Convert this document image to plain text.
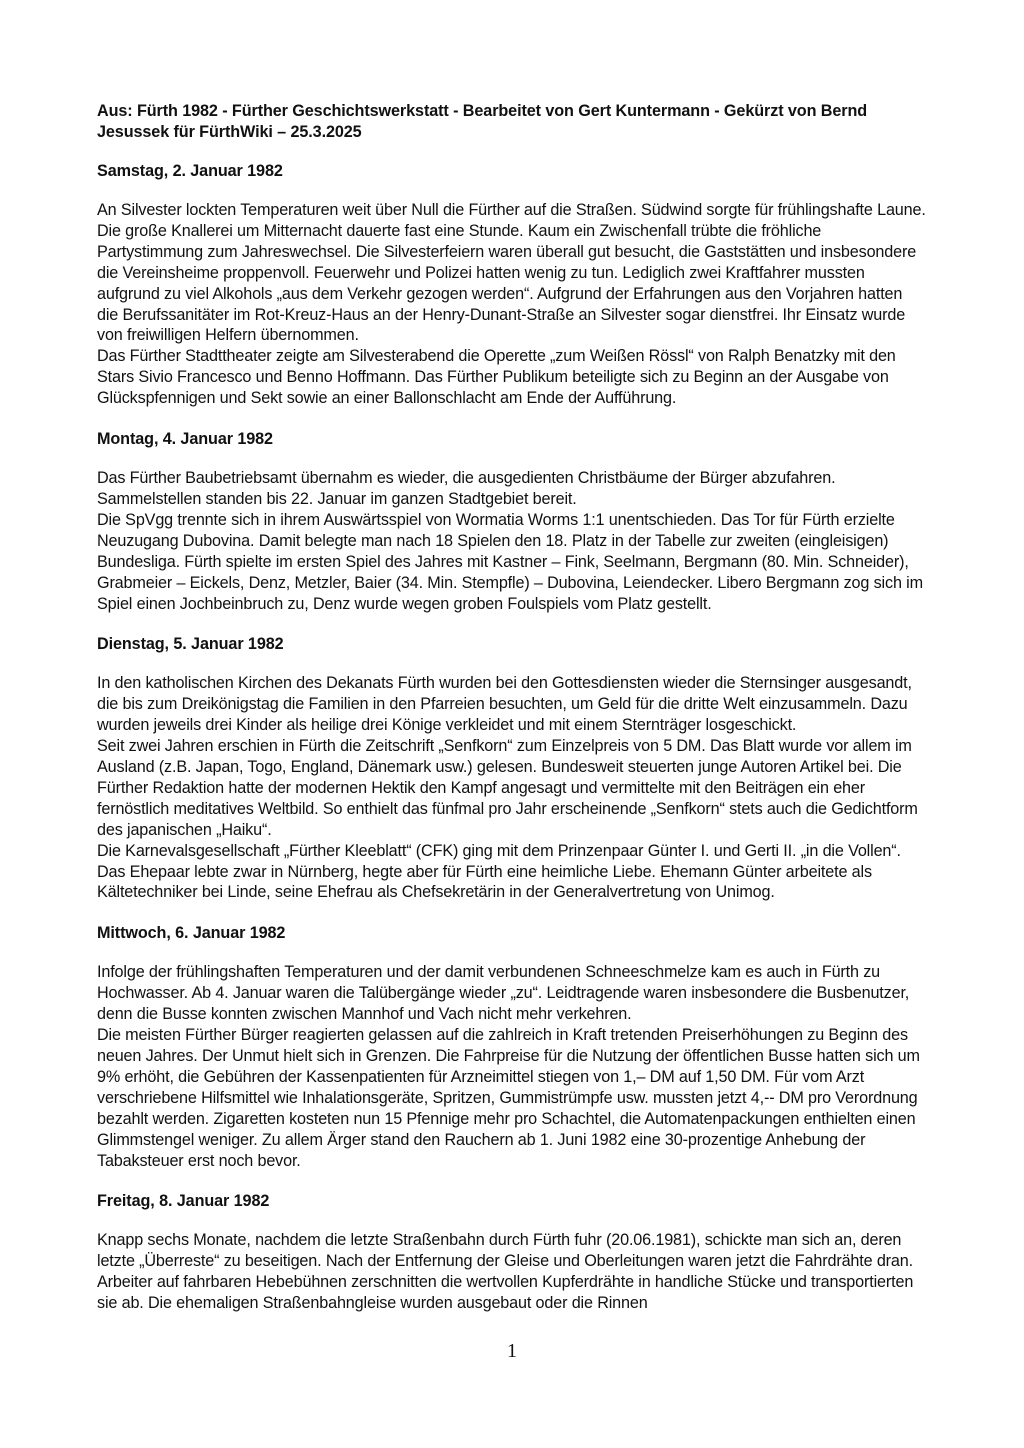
Aus: Fürth 1982 - Fürther Geschichtswerkstatt - Bearbeitet von Gert Kuntermann - Gekürzt von Bernd Jesussek für FürthWiki – 25.3.2025

Samstag, 2. Januar 1982

An Silvester lockten Temperaturen weit über Null die Fürther auf die Straßen. Südwind sorgte für frühlingshafte Laune. Die große Knallerei um Mitternacht dauerte fast eine Stunde. Kaum ein Zwischenfall trübte die fröhliche Partystimmung zum Jahreswechsel. Die Silvesterfeiern waren überall gut besucht, die Gaststätten und insbesondere die Vereinsheime proppenvoll. Feuerwehr und Polizei hatten wenig zu tun. Lediglich zwei Kraftfahrer mussten aufgrund zu viel Alkohols „aus dem Verkehr gezogen werden“. Aufgrund der Erfahrungen aus den Vorjahren hatten die Berufssanitäter im Rot-Kreuz-Haus an der Henry-Dunant-Straße an Silvester sogar dienstfrei. Ihr Einsatz wurde von freiwilligen Helfern übernommen.

Das Fürther Stadttheater zeigte am Silvesterabend die Operette „zum Weißen Rössl“ von Ralph Benatzky mit den Stars Sivio Francesco und Benno Hoffmann. Das Fürther Publikum beteiligte sich zu Beginn an der Ausgabe von Glückspfennigen und Sekt sowie an einer Ballonschlacht am Ende der Aufführung.

Montag, 4. Januar 1982

Das Fürther Baubetriebsamt übernahm es wieder, die ausgedienten Christbäume der Bürger abzufahren. Sammelstellen standen bis 22. Januar im ganzen Stadtgebiet bereit.

Die SpVgg trennte sich in ihrem Auswärtsspiel von Wormatia Worms 1:1 unentschieden. Das Tor für Fürth erzielte Neuzugang Dubovina. Damit belegte man nach 18 Spielen den 18. Platz in der Tabelle zur zweiten (eingleisigen) Bundesliga. Fürth spielte im ersten Spiel des Jahres mit Kastner – Fink, Seelmann, Bergmann (80. Min. Schneider), Grabmeier – Eickels, Denz, Metzler, Baier (34. Min. Stempfle) – Dubovina, Leiendecker. Libero Bergmann zog sich im Spiel einen Jochbeinbruch zu, Denz wurde wegen groben Foulspiels vom Platz gestellt.

Dienstag, 5. Januar 1982

In den katholischen Kirchen des Dekanats Fürth wurden bei den Gottesdiensten wieder die Sternsinger ausgesandt, die bis zum Dreikönigstag die Familien in den Pfarreien besuchten, um Geld für die dritte Welt einzusammeln. Dazu wurden jeweils drei Kinder als heilige drei Könige verkleidet und mit einem Sternträger losgeschickt.

Seit zwei Jahren erschien in Fürth die Zeitschrift „Senfkorn“ zum Einzelpreis von 5 DM. Das Blatt wurde vor allem im Ausland (z.B. Japan, Togo, England, Dänemark usw.) gelesen. Bundesweit steuerten junge Autoren Artikel bei. Die Fürther Redaktion hatte der modernen Hektik den Kampf angesagt und vermittelte mit den Beiträgen ein eher fernöstlich meditatives Weltbild. So enthielt das fünfmal pro Jahr erscheinende „Senfkorn“ stets auch die Gedichtform des japanischen „Haiku“.

Die Karnevalsgesellschaft „Fürther Kleeblatt“ (CFK) ging mit dem Prinzenpaar Günter I. und Gerti II. „in die Vollen“. Das Ehepaar lebte zwar in Nürnberg, hegte aber für Fürth eine heimliche Liebe. Ehemann Günter arbeitete als Kältetechniker bei Linde, seine Ehefrau als Chefsekretärin in der Generalvertretung von Unimog.

Mittwoch, 6. Januar 1982

Infolge der frühlingshaften Temperaturen und der damit verbundenen Schneeschmelze kam es auch in Fürth zu Hochwasser. Ab 4. Januar waren die Talübergänge wieder „zu“. Leidtragende waren insbesondere die Busbenutzer, denn die Busse konnten zwischen Mannhof und Vach nicht mehr verkehren.

Die meisten Fürther Bürger reagierten gelassen auf die zahlreich in Kraft tretenden Preiserhöhungen zu Beginn des neuen Jahres. Der Unmut hielt sich in Grenzen. Die Fahrpreise für die Nutzung der öffentlichen Busse hatten sich um 9% erhöht, die Gebühren der Kassenpatienten für Arzneimittel stiegen von 1,– DM auf 1,50 DM. Für vom Arzt verschriebene Hilfsmittel wie Inhalationsgeräte, Spritzen, Gummistrümpfe usw. mussten jetzt 4,-- DM pro Verordnung bezahlt werden. Zigaretten kosteten nun 15 Pfennige mehr pro Schachtel, die Automatenpackungen enthielten einen Glimmstengel weniger. Zu allem Ärger stand den Rauchern ab 1. Juni 1982 eine 30-prozentige Anhebung der Tabaksteuer erst noch bevor.

Freitag, 8. Januar 1982

Knapp sechs Monate, nachdem die letzte Straßenbahn durch Fürth fuhr (20.06.1981), schickte man sich an, deren letzte „Überreste“ zu beseitigen. Nach der Entfernung der Gleise und Oberleitungen waren jetzt die Fahrdrähte dran. Arbeiter auf fahrbaren Hebebühnen zerschnitten die wertvollen Kupferdrähte in handliche Stücke und transportierten sie ab. Die ehemaligen Straßenbahngleise wurden ausgebaut oder die Rinnen

1
